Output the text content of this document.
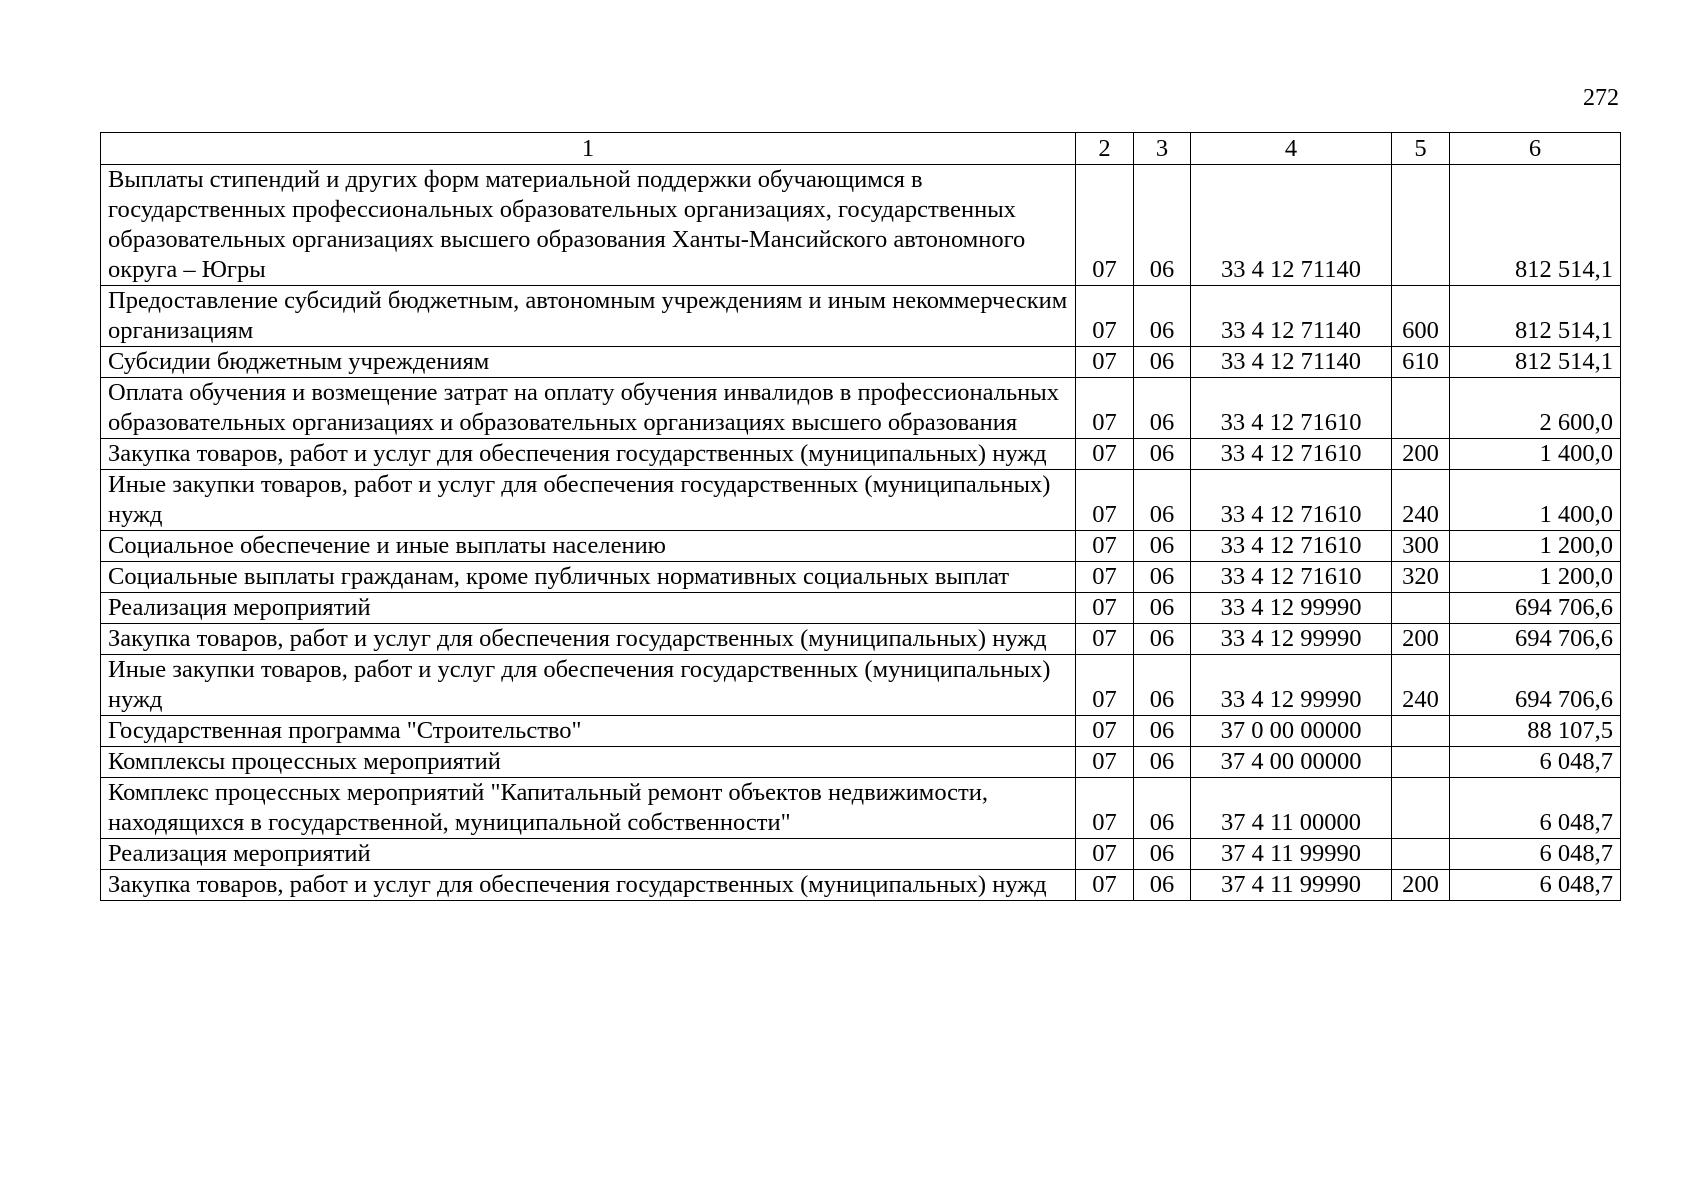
272
1	2	3	4	5	6
Выплаты стипендий и других форм материальной поддержки обучающимся в государственных профессиональных образовательных организациях, государственных образовательных организациях высшего образования Ханты-Мансийского автономного округа – Югры	07	06	33 4 12 71140		812 514,1
Предоставление субсидий бюджетным, автономным учреждениям и иным некоммерческим организациям	07	06	33 4 12 71140	600	812 514,1
Субсидии бюджетным учреждениям	07	06	33 4 12 71140	610	812 514,1
Оплата обучения и возмещение затрат на оплату обучения инвалидов в профессиональных образовательных организациях и образовательных организациях высшего образования	07	06	33 4 12 71610		2 600,0
Закупка товаров, работ и услуг для обеспечения государственных (муниципальных) нужд	07	06	33 4 12 71610	200	1 400,0
Иные закупки товаров, работ и услуг для обеспечения государственных (муниципальных) нужд	07	06	33 4 12 71610	240	1 400,0
Социальное обеспечение и иные выплаты населению	07	06	33 4 12 71610	300	1 200,0
Социальные выплаты гражданам, кроме публичных нормативных социальных выплат	07	06	33 4 12 71610	320	1 200,0
Реализация мероприятий	07	06	33 4 12 99990		694 706,6
Закупка товаров, работ и услуг для обеспечения государственных (муниципальных) нужд	07	06	33 4 12 99990	200	694 706,6
Иные закупки товаров, работ и услуг для обеспечения государственных (муниципальных) нужд	07	06	33 4 12 99990	240	694 706,6
Государственная программа "Строительство"	07	06	37 0 00 00000		88 107,5
Комплексы процессных мероприятий	07	06	37 4 00 00000		6 048,7
Комплекс процессных мероприятий "Капитальный ремонт объектов недвижимости, находящихся в государственной, муниципальной собственности"	07	06	37 4 11 00000		6 048,7
Реализация мероприятий	07	06	37 4 11 99990		6 048,7
Закупка товаров, работ и услуг для обеспечения государственных (муниципальных) нужд	07	06	37 4 11 99990	200	6 048,7
